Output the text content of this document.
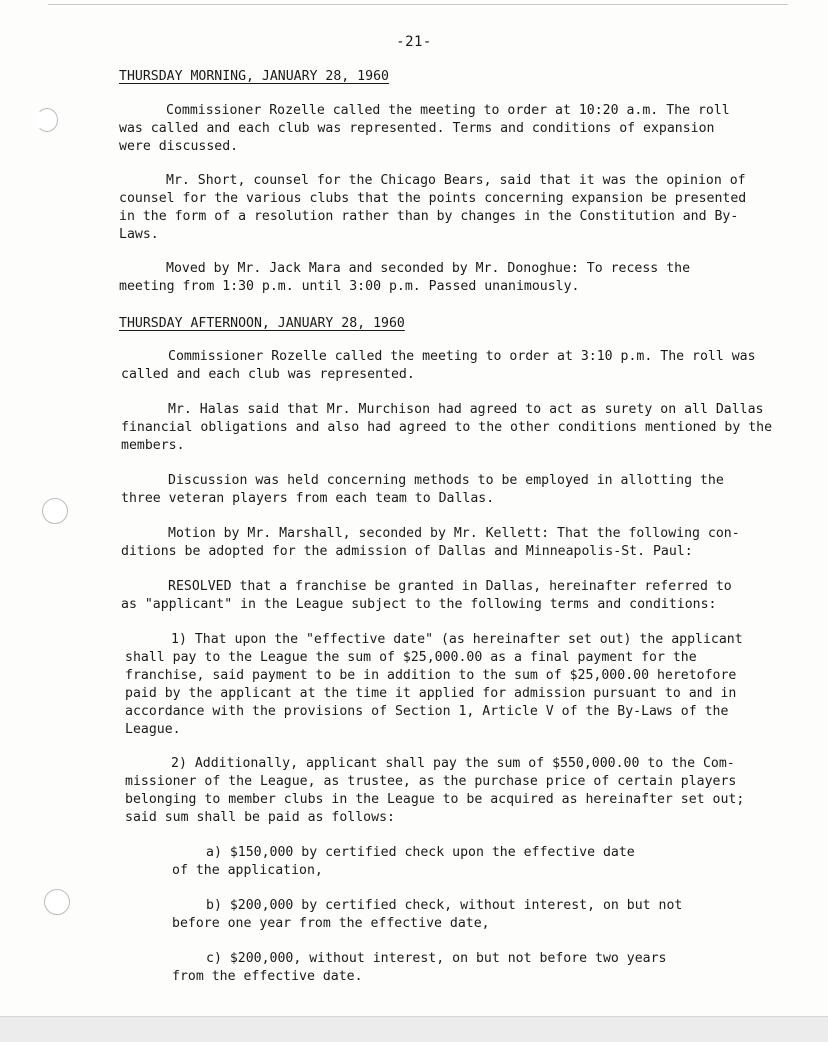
-21-
THURSDAY MORNING, JANUARY 28, 1960
Commissioner Rozelle called the meeting to order at 10:20 a.m. The roll
was called and each club was represented. Terms and conditions of expansion
were discussed.
Mr. Short, counsel for the Chicago Bears, said that it was the opinion of
counsel for the various clubs that the points concerning expansion be presented
in the form of a resolution rather than by changes in the Constitution and By-
Laws.
Moved by Mr. Jack Mara and seconded by Mr. Donoghue: To recess the
meeting from 1:30 p.m. until 3:00 p.m. Passed unanimously.
THURSDAY AFTERNOON, JANUARY 28, 1960
Commissioner Rozelle called the meeting to order at 3:10 p.m. The roll was
called and each club was represented.
Mr. Halas said that Mr. Murchison had agreed to act as surety on all Dallas
financial obligations and also had agreed to the other conditions mentioned by the
members.
Discussion was held concerning methods to be employed in allotting the
three veteran players from each team to Dallas.
Motion by Mr. Marshall, seconded by Mr. Kellett: That the following con-
ditions be adopted for the admission of Dallas and Minneapolis-St. Paul:
RESOLVED that a franchise be granted in Dallas, hereinafter referred to
as "applicant" in the League subject to the following terms and conditions:
1) That upon the "effective date" (as hereinafter set out) the applicant
shall pay to the League the sum of $25,000.00 as a final payment for the
franchise, said payment to be in addition to the sum of $25,000.00 heretofore
paid by the applicant at the time it applied for admission pursuant to and in
accordance with the provisions of Section 1, Article V of the By-Laws of the
League.
2) Additionally, applicant shall pay the sum of $550,000.00 to the Com-
missioner of the League, as trustee, as the purchase price of certain players
belonging to member clubs in the League to be acquired as hereinafter set out;
said sum shall be paid as follows:
a) $150,000 by certified check upon the effective date
of the application,
b) $200,000 by certified check, without interest, on but not
before one year from the effective date,
c) $200,000, without interest, on but not before two years
from the effective date.
